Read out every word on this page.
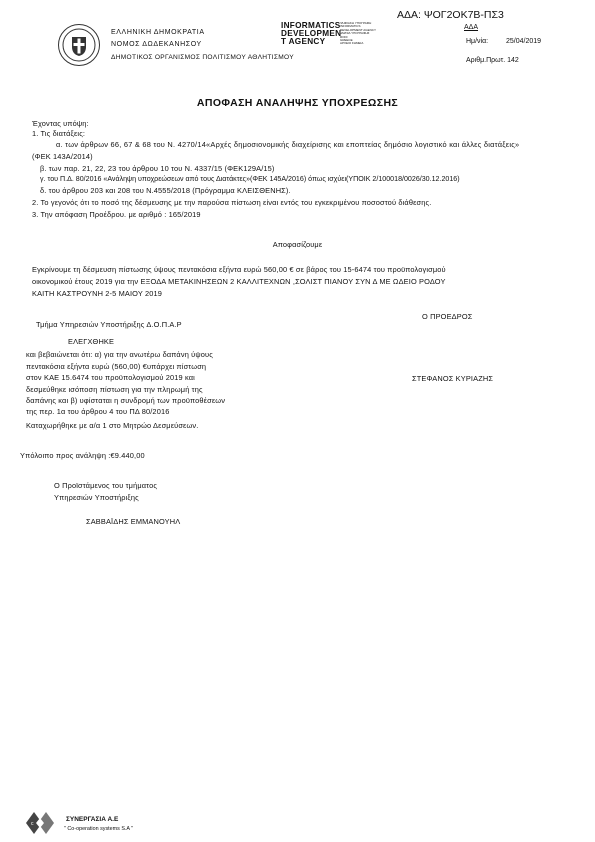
ΕΛΛΗΝΙΚΗ ΔΗΜΟΚΡΑΤΙΑ
ΝΟΜΟΣ ΔΩΔΕΚΑΝΗΣΟΥ
ΔΗΜΟΤΙΚΟΣ ΟΡΓΑΝΙΣΜΟΣ ΠΟΛΙΤΙΣΜΟΥ ΑΘΛΗΤΙΣΜΟΥ
INFORMATICS
DEVELOPMEN
T AGENCY
ΨΗΦΙΑΚΗ ΥΠΟΓΡΑΦΗ
INFORMATICS
DEVELOPMENT AGENCY
ΗΜ/ΝΙΑ ΥΠΟΓΡΑΦΗΣ
RODI
GREECE
ΑΡΧΕΙΟ ΣΗΜΕΙΑ
ΑΔΑ: ΨΟΓ2ΟΚ7Β-ΠΣ3
ΑΔΑ
Ημ/νία:	25/04/2019
Αριθμ.Πρωτ. 142
ΑΠΟΦΑΣΗ ΑΝΑΛΗΨΗΣ ΥΠΟΧΡΕΩΣΗΣ
Έχοντας υπόψη:
1. Τις διατάξεις:
α. των άρθρων 66, 67 & 68 του Ν. 4270/14«Αρχές δημοσιονομικής διαχείρισης και εποπτείας δημόσιο λογιστικό και άλλες διατάξεις»
(ΦΕΚ 143Α/2014)
β. των παρ. 21, 22, 23 του άρθρου 10 του Ν. 4337/15 (ΦΕΚ129Α/15)
γ. του Π.Δ. 80/2016 «Ανάληψη υποχρεώσεων από τους Διατάκτες»(ΦΕΚ 145Α/2016) όπως ισχύει(ΥΠΟΙΚ 2/100018/0026/30.12.2016)
δ. του άρθρου 203 και 208 του Ν.4555/2018 (Πρόγραμμα ΚΛΕΙΣΘΕΝΗΣ).
2. Το γεγονός ότι το ποσό της δέσμευσης με την παρούσα πίστωση είναι εντός του εγκεκριμένου ποσοστού διάθεσης.
3. Την απόφαση Προέδρου. με αριθμό : 165/2019
Αποφασίζουμε
Εγκρίνουμε τη δέσμευση πίστωσης ύψους πεντακόσια εξήντα ευρώ 560,00 € σε βάρος του 15-6474 του προϋπολογισμού
οικονομικού έτους 2019 για την ΕΞΟΔΑ ΜΕΤΑΚΙΝΗΣΕΩΝ 2 ΚΑΛΛΙΤΕΧΝΩΝ ,ΣΟΛΙΣΤ ΠΙΑΝΟΥ ΣΥΝ Δ ΜΕ ΩΔΕΙΟ ΡΟΔΟΥ
ΚΑΙΤΗ ΚΑΣΤΡΟΥΝΗ 2-5 ΜΑΙΟΥ 2019
Τμήμα Υπηρεσιών Υποστήριξης Δ.Ο.Π.Α.Ρ
Ο ΠΡΟΕΔΡΟΣ
ΕΛΕΓΧΘΗΚΕ
και βεβαιώνεται ότι: α) για την ανωτέρω δαπάνη ύψους
πεντακόσια εξήντα ευρώ (560,00) €υπάρχει πίστωση
στον ΚΑΕ 15.6474 του προϋπολογισμού 2019 και
δεσμεύθηκε ισόποση πίστωση για την πληρωμή της
δαπάνης και β) υφίσταται η συνδρομή των προϋποθέσεων
της περ. 1α του άρθρου 4 του ΠΔ 80/2016
ΣΤΕΦΑΝΟΣ ΚΥΡΙΑΖΗΣ
Καταχωρήθηκε με α/α 1 στο Μητρώο Δεσμεύσεων.
Υπόλοιπο προς ανάληψη :€9.440,00
Ο Προϊστάμενος του τμήματος
Υπηρεσιών Υποστήριξης
ΣΑΒΒΑΪΔΗΣ ΕΜΜΑΝΟΥΗΛ
c
ΣΥΝΕΡΓΑΣΙΑ Α.Ε
" Co-operation systems S.A "
